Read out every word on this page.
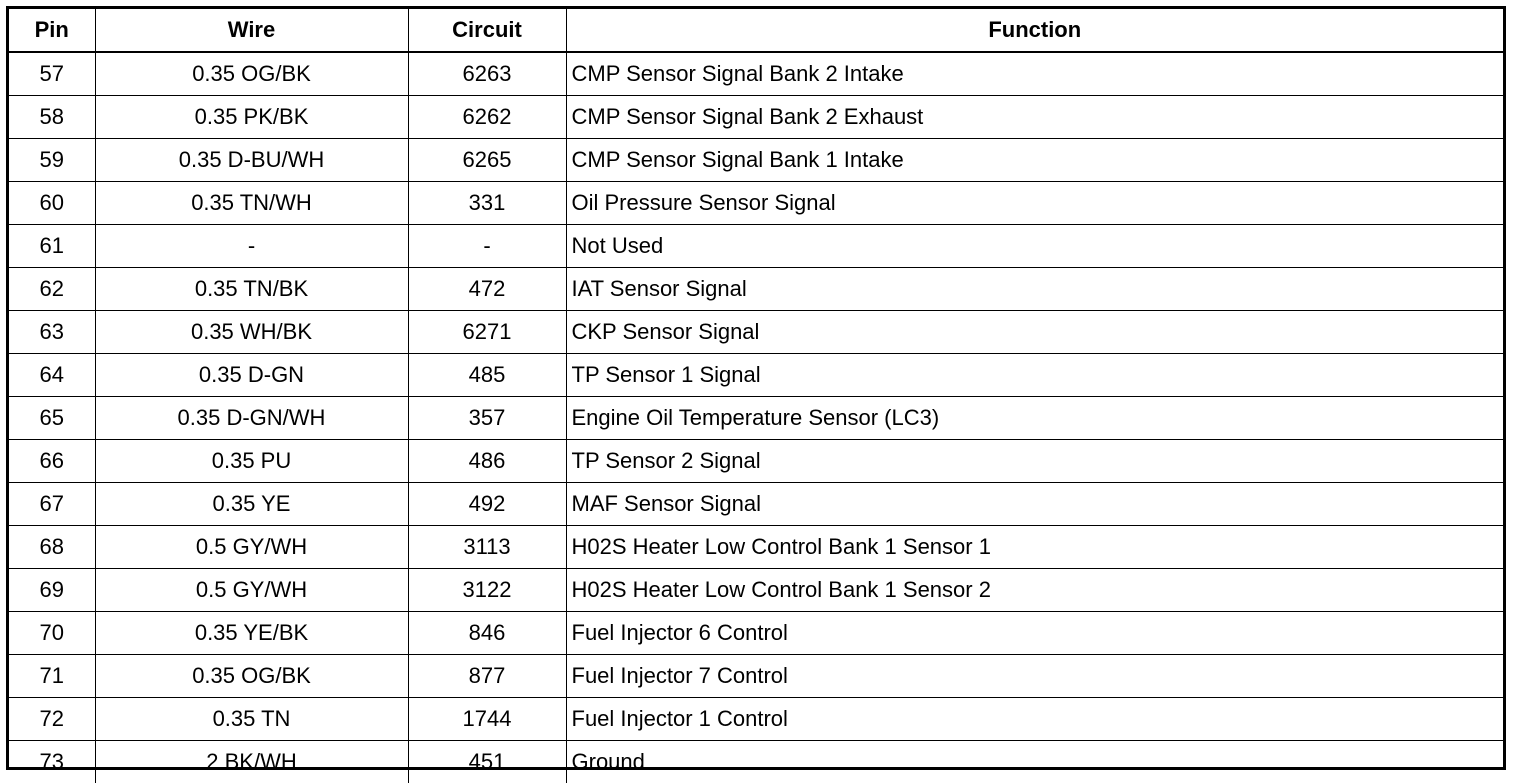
Pin	Wire	Circuit	Function
57	0.35 OG/BK	6263	CMP Sensor Signal Bank 2 Intake
58	0.35 PK/BK	6262	CMP Sensor Signal Bank 2 Exhaust
59	0.35 D-BU/WH	6265	CMP Sensor Signal Bank 1 Intake
60	0.35 TN/WH	331	Oil Pressure Sensor Signal
61	-	-	Not Used
62	0.35 TN/BK	472	IAT Sensor Signal
63	0.35 WH/BK	6271	CKP Sensor Signal
64	0.35 D-GN	485	TP Sensor 1 Signal
65	0.35 D-GN/WH	357	Engine Oil Temperature Sensor (LC3)
66	0.35 PU	486	TP Sensor 2 Signal
67	0.35 YE	492	MAF Sensor Signal
68	0.5 GY/WH	3113	H02S Heater Low Control Bank 1 Sensor 1
69	0.5 GY/WH	3122	H02S Heater Low Control Bank 1 Sensor 2
70	0.35 YE/BK	846	Fuel Injector 6 Control
71	0.35 OG/BK	877	Fuel Injector 7 Control
72	0.35 TN	1744	Fuel Injector 1 Control
73	2 BK/WH	451	Ground
